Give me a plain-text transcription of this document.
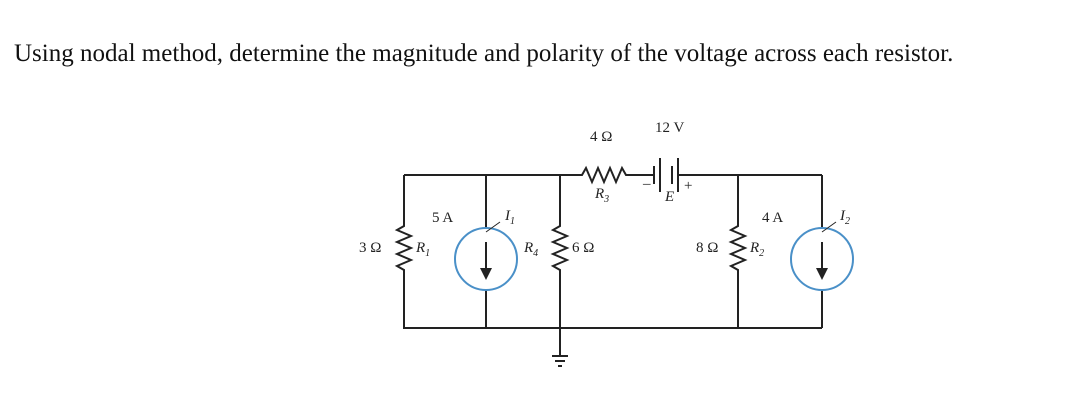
Using nodal method, determine the magnitude and polarity of the voltage across each resistor.

4 Ω
$R_3$
12 V
– +
E
3 Ω $R_1$
5 A	$I_1$
$R_4$ 6 Ω	8 Ω $R_2$
4 A	$I_2$
